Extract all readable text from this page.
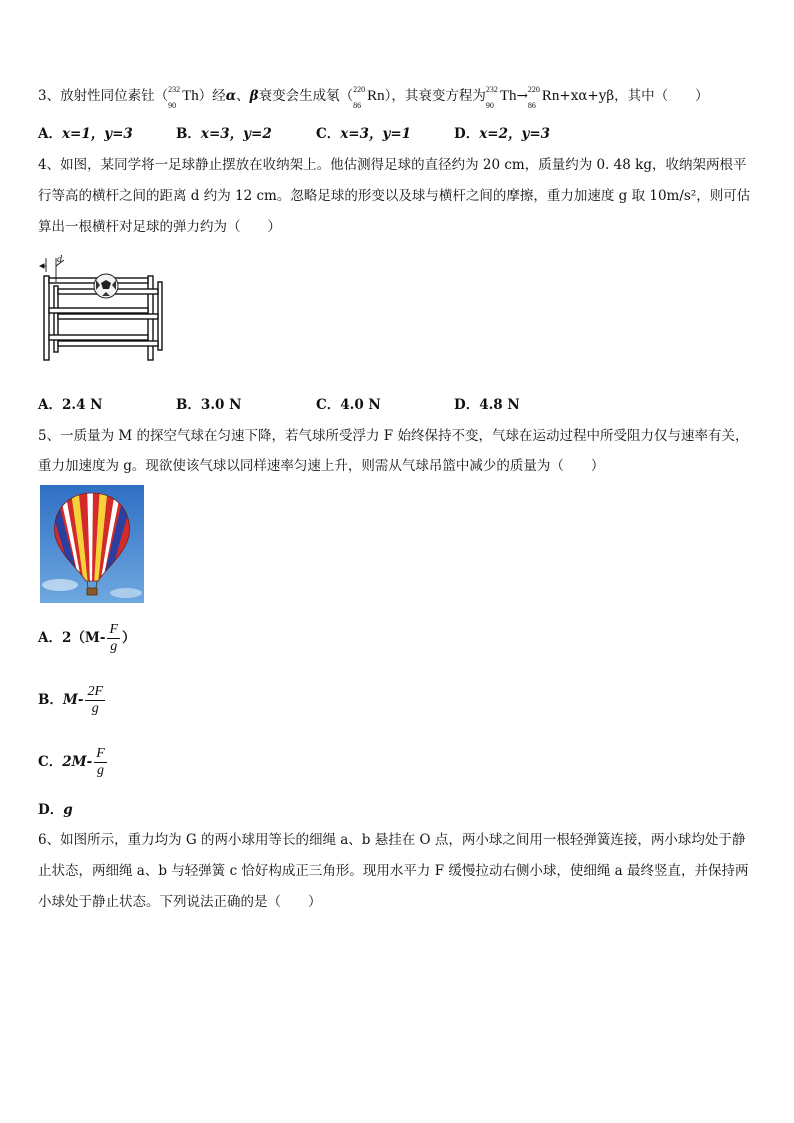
3、放射性同位素钍（ 232
90
Th）经α、β衰变会生成氡（ 220
86
Rn），其衰变方程为 232
90
Th→ 220
86
Rn+xα+yβ，其中（　　）
A．x=1，y=3	B．x=3，y=2	C．x=3，y=1	D．x=2，y=3
4、如图，某同学将一足球静止摆放在收纳架上。他估测得足球的直径约为 20 cm，质量约为 0. 48 kg，收纳架两根平
行等高的横杆之间的距离 d 约为 12 cm。忽略足球的形变以及球与横杆之间的摩擦，重力加速度 g 取 10m/s²，则可估
算出一根横杆对足球的弹力约为（　　）
d
A．2.4 N	B．3.0 N	C．4.0 N	D．4.8 N
5、一质量为 M 的探空气球在匀速下降，若气球所受浮力 F 始终保持不变，气球在运动过程中所受阻力仅与速率有关，
重力加速度为 g。现欲使该气球以同样速率匀速上升，则需从气球吊篮中减少的质量为（　　）
A．$2(M- \frac{F}{g}$ ）
B．$M- \frac{2F}{g}$
C．$2M- \frac{F}{g}$
D．g
6、如图所示，重力均为 G 的两小球用等长的细绳 a、b 悬挂在 O 点，两小球之间用一根轻弹簧连接，两小球均处于静
止状态，两细绳 a、b 与轻弹簧 c 恰好构成正三角形。现用水平力 F 缓慢拉动右侧小球，使细绳 a 最终竖直，并保持两
小球处于静止状态。下列说法正确的是（　　）
